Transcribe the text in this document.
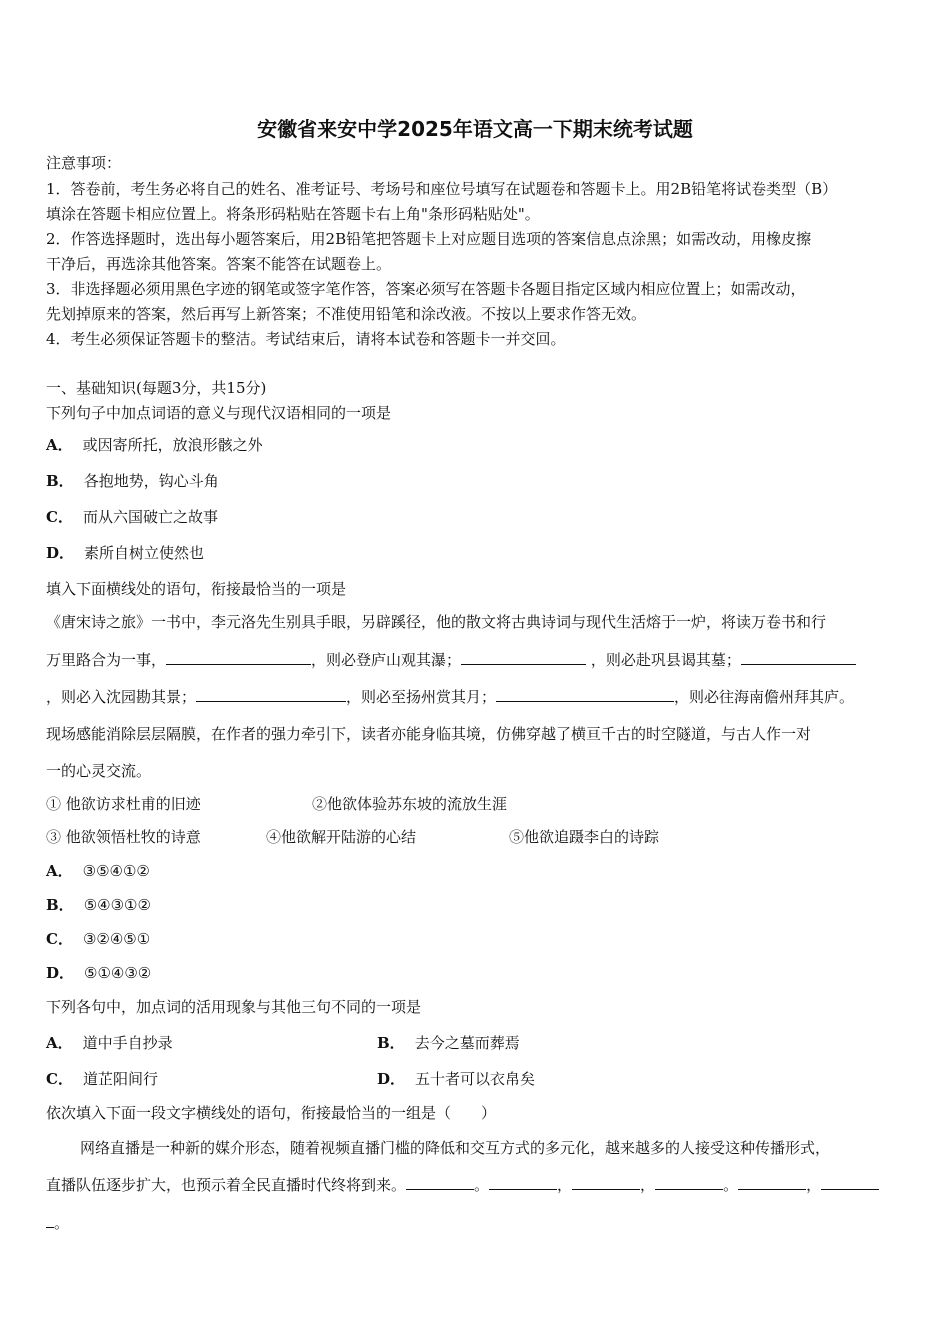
安徽省来安中学2025年语文高一下期末统考试题
注意事项：
1．答卷前，考生务必将自己的姓名、准考证号、考场号和座位号填写在试题卷和答题卡上。用2B铅笔将试卷类型（B）
填涂在答题卡相应位置上。将条形码粘贴在答题卡右上角"条形码粘贴处"。
2．作答选择题时，选出每小题答案后，用2B铅笔把答题卡上对应题目选项的答案信息点涂黑；如需改动，用橡皮擦
干净后，再选涂其他答案。答案不能答在试题卷上。
3．非选择题必须用黑色字迹的钢笔或签字笔作答，答案必须写在答题卡各题目指定区域内相应位置上；如需改动，
先划掉原来的答案，然后再写上新答案；不准使用铅笔和涂改液。不按以上要求作答无效。
4．考生必须保证答题卡的整洁。考试结束后，请将本试卷和答题卡一并交回。
一、基础知识(每题3分，共15分)
下列句子中加点词语的意义与现代汉语相同的一项是
A． 或因寄所托，放浪形骸之外
B． 各抱地势，钩心斗角
C． 而从六国破亡之故事
D． 素所自树立使然也
填入下面横线处的语句，衔接最恰当的一项是
《唐宋诗之旅》一书中，李元洛先生别具手眼，另辟蹊径，他的散文将古典诗词与现代生活熔于一炉，将读万卷书和行
万里路合为一事，	，则必登庐山观其瀑；	，则必赴巩县谒其墓；
，则必入沈园勘其景；	，则必至扬州赏其月；	，则必往海南儋州拜其庐。
现场感能消除层层隔膜，在作者的强力牵引下，读者亦能身临其境，仿佛穿越了横亘千古的时空隧道，与古人作一对
一的心灵交流。
① 他欲访求杜甫的旧迹	②他欲体验苏东坡的流放生涯
③ 他欲领悟杜牧的诗意	④他欲解开陆游的心结	⑤他欲追蹑李白的诗踪
A． ③⑤④①②
B． ⑤④③①②
C． ③②④⑤①
D． ⑤①④③②
下列各句中，加点词的活用现象与其他三句不同的一项是
A． 道中手自抄录	B． 去今之墓而葬焉
C． 道芷阳间行	D． 五十者可以衣帛矣
依次填入下面一段文字横线处的语句，衔接最恰当的一组是（　　）
网络直播是一种新的媒介形态，随着视频直播门槛的降低和交互方式的多元化，越来越多的人接受这种传播形式，
直播队伍逐步扩大，也预示着全民直播时代终将到来。	。	，	，	。	，
。
